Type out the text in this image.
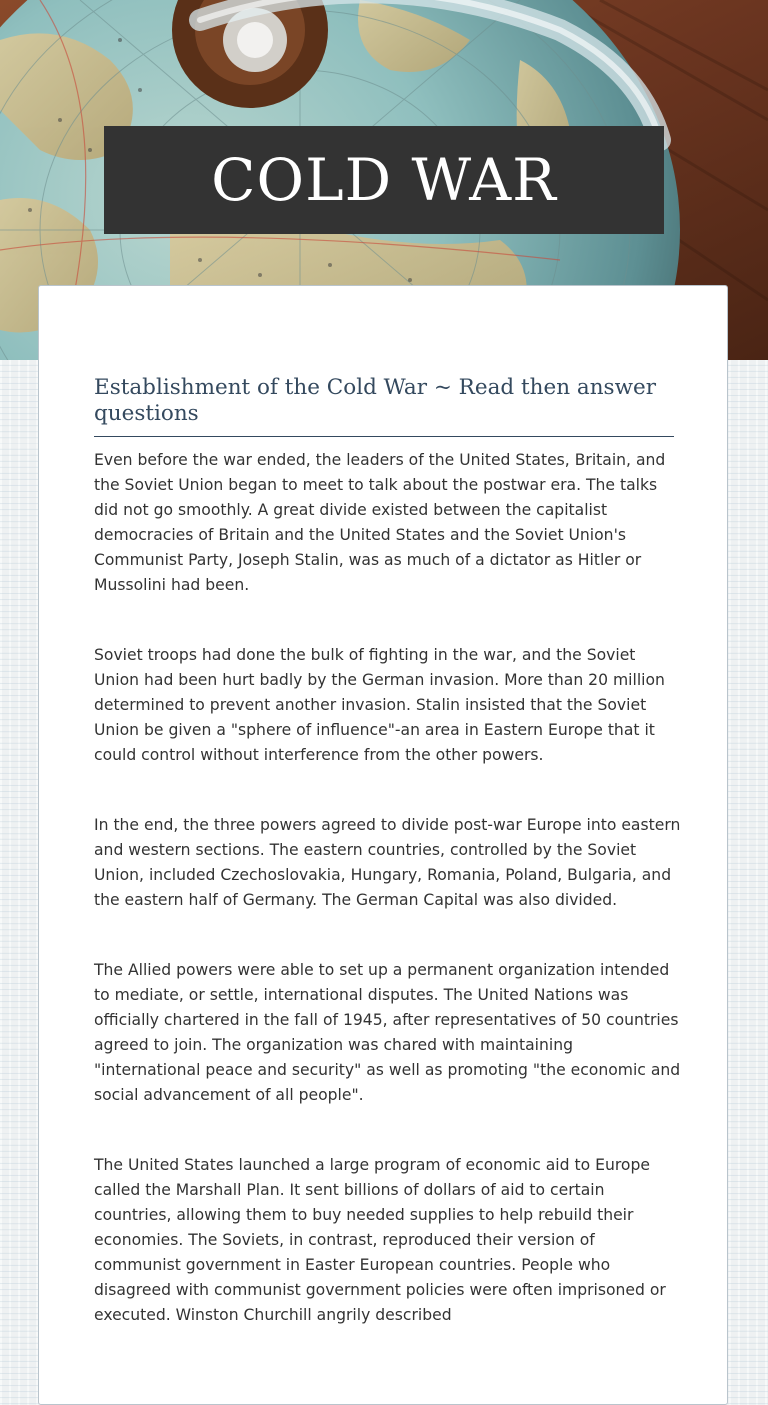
COLD WAR
Establishment of the Cold War ~ Read then answer questions

Even before the war ended, the leaders of the United States, Britain, and the Soviet Union began to meet to talk about the postwar era. The talks did not go smoothly. A great divide existed between the capitalist democracies of Britain and the United States and the Soviet Union's Communist Party, Joseph Stalin, was as much of a dictator as Hitler or Mussolini had been.

Soviet troops had done the bulk of fighting in the war, and the Soviet Union had been hurt badly by the German invasion. More than 20 million determined to prevent another invasion. Stalin insisted that the Soviet Union be given a "sphere of influence"-an area in Eastern Europe that it could control without interference from the other powers.

In the end, the three powers agreed to divide post-war Europe into eastern and western sections. The eastern countries, controlled by the Soviet Union, included Czechoslovakia, Hungary, Romania, Poland, Bulgaria, and the eastern half of Germany. The German Capital was also divided.

The Allied powers were able to set up a permanent organization intended to mediate, or settle, international disputes. The United Nations was officially chartered in the fall of 1945, after representatives of 50 countries agreed to join. The organization was chared with maintaining "international peace and security" as well as promoting "the economic and social advancement of all people".

The United States launched a large program of economic aid to Europe called the Marshall Plan. It sent billions of dollars of aid to certain countries, allowing them to buy needed supplies to help rebuild their economies. The Soviets, in contrast, reproduced their version of communist government in Easter European countries. People who disagreed with communist government policies were often imprisoned or executed. Winston Churchill angrily described
